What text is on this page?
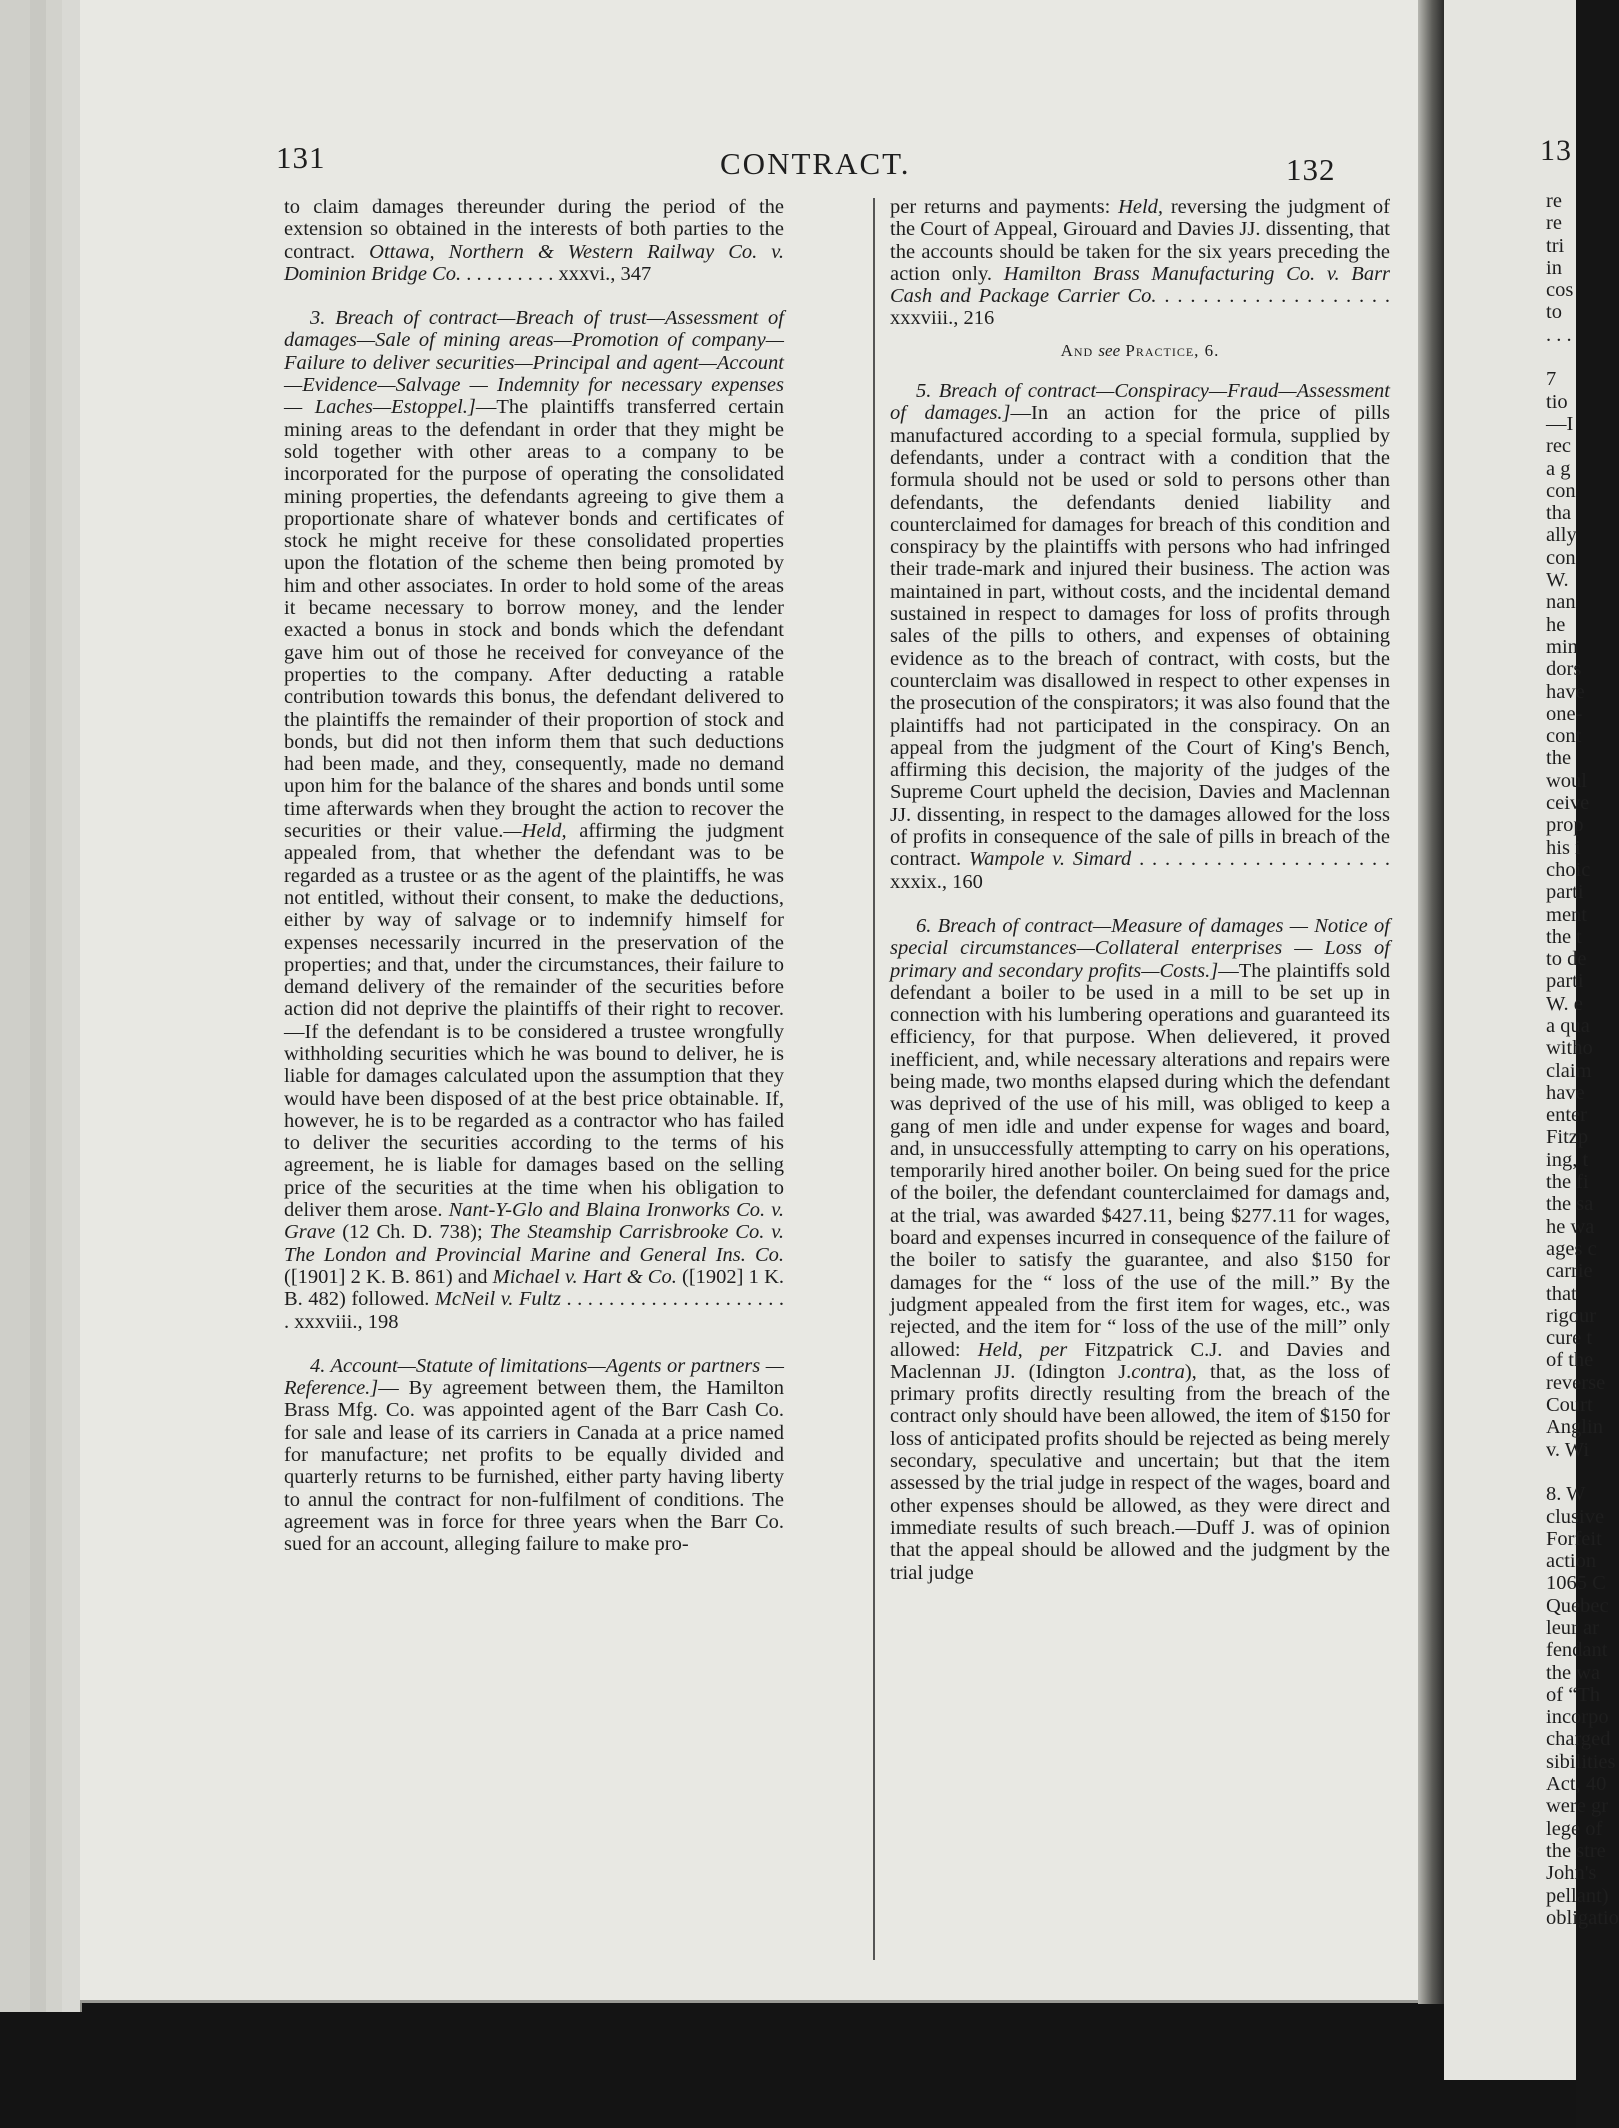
131	CONTRACT.	132

to claim damages thereunder during the period of the extension so obtained in the interests of both parties to the contract. Ottawa, Northern & Western Railway Co. v. Dominion Bridge Co. . . . . . . . . . xxxvi., 347

3. Breach of contract—Breach of trust—Assessment of damages—Sale of mining areas—Promotion of company—Failure to deliver securities—Principal and agent—Account—Evidence—Salvage — Indemnity for necessary expenses — Laches—Estoppel.]—The plaintiffs transferred certain mining areas to the defendant in order that they might be sold together with other areas to a company to be incorporated for the purpose of operating the consolidated mining properties, the defendants agreeing to give them a proportionate share of whatever bonds and certificates of stock he might receive for these consolidated properties upon the flotation of the scheme then being promoted by him and other associates. In order to hold some of the areas it became necessary to borrow money, and the lender exacted a bonus in stock and bonds which the defendant gave him out of those he received for conveyance of the properties to the company. After deducting a ratable contribution towards this bonus, the defendant delivered to the plaintiffs the remainder of their proportion of stock and bonds, but did not then inform them that such deductions had been made, and they, consequently, made no demand upon him for the balance of the shares and bonds until some time afterwards when they brought the action to recover the securities or their value.—Held, affirming the judgment appealed from, that whether the defendant was to be regarded as a trustee or as the agent of the plaintiffs, he was not entitled, without their consent, to make the deductions, either by way of salvage or to indemnify himself for expenses necessarily incurred in the preservation of the properties; and that, under the circumstances, their failure to demand delivery of the remainder of the securities before action did not deprive the plaintiffs of their right to recover.—If the defendant is to be considered a trustee wrongfully withholding securities which he was bound to deliver, he is liable for damages calculated upon the assumption that they would have been disposed of at the best price obtainable. If, however, he is to be regarded as a contractor who has failed to deliver the securities according to the terms of his agreement, he is liable for damages based on the selling price of the securities at the time when his obligation to deliver them arose. Nant-Y-Glo and Blaina Ironworks Co. v. Grave (12 Ch. D. 738); The Steamship Carrisbrooke Co. v. The London and Provincial Marine and General Ins. Co. ([1901] 2 K. B. 861) and Michael v. Hart & Co. ([1902] 1 K. B. 482) followed. McNeil v. Fultz . . . . . . . . . . . . . . . . . . . . . . xxxviii., 198

4. Account—Statute of limitations—Agents or partners — Reference.]— By agreement between them, the Hamilton Brass Mfg. Co. was appointed agent of the Barr Cash Co. for sale and lease of its carriers in Canada at a price named for manufacture; net profits to be equally divided and quarterly returns to be furnished, either party having liberty to annul the contract for non-fulfilment of conditions. The agreement was in force for three years when the Barr Co. sued for an account, alleging failure to make pro-

per returns and payments: Held, reversing the judgment of the Court of Appeal, Girouard and Davies JJ. dissenting, that the accounts should be taken for the six years preceding the action only. Hamilton Brass Manufacturing Co. v. Barr Cash and Package Carrier Co. . . . . . . . . . . . . . . . . . . xxxviii., 216

And see Practice, 6.

5. Breach of contract—Conspiracy—Fraud—Assessment of damages.]—In an action for the price of pills manufactured according to a special formula, supplied by defendants, under a contract with a condition that the formula should not be used or sold to persons other than defendants, the defendants denied liability and counterclaimed for damages for breach of this condition and conspiracy by the plaintiffs with persons who had infringed their trade-mark and injured their business. The action was maintained in part, without costs, and the incidental demand sustained in respect to damages for loss of profits through sales of the pills to others, and expenses of obtaining evidence as to the breach of contract, with costs, but the counterclaim was disallowed in respect to other expenses in the prosecution of the conspirators; it was also found that the plaintiffs had not participated in the conspiracy. On an appeal from the judgment of the Court of King's Bench, affirming this decision, the majority of the judges of the Supreme Court upheld the decision, Davies and Maclennan JJ. dissenting, in respect to the damages allowed for the loss of profits in consequence of the sale of pills in breach of the contract. Wampole v. Simard . . . . . . . . . . . . . . . . . . . . xxxix., 160

6. Breach of contract—Measure of damages — Notice of special circumstances—Collateral enterprises — Loss of primary and secondary profits—Costs.]—The plaintiffs sold defendant a boiler to be used in a mill to be set up in connection with his lumbering operations and guaranteed its efficiency, for that purpose. When delievered, it proved inefficient, and, while necessary alterations and repairs were being made, two months elapsed during which the defendant was deprived of the use of his mill, was obliged to keep a gang of men idle and under expense for wages and board, and, in unsuccessfully attempting to carry on his operations, temporarily hired another boiler. On being sued for the price of the boiler, the defendant counterclaimed for damags and, at the trial, was awarded $427.11, being $277.11 for wages, board and expenses incurred in consequence of the failure of the boiler to satisfy the guarantee, and also $150 for damages for the “ loss of the use of the mill.” By the judgment appealed from the first item for wages, etc., was rejected, and the item for “ loss of the use of the mill” only allowed: Held, per Fitzpatrick C.J. and Davies and Maclennan JJ. (Idington J.contra), that, as the loss of primary profits directly resulting from the breach of the contract only should have been allowed, the item of $150 for loss of anticipated profits should be rejected as being merely secondary, speculative and uncertain; but that the item assessed by the trial judge in respect of the wages, board and other expenses should be allowed, as they were direct and immediate results of such breach.—Duff J. was of opinion that the appeal should be allowed and the judgment by the trial judge

13
re
re
tri
in
cos
to
. . .

7
tio
—I
rec
a g
con
tha
ally
con
W.
nan
he
min
dors
have
one-
cont
the
woul
ceive
prop
his i
choic
parti
ment
the t
to de
parti
W. e
a qua
witho
claim
have
enter
Fitzp
ing, t
the fi
the sa
he wa
ages c
carrie
that
rigour
cure t
of the
reverse
Court
Anglin
v. Wi

8. W
clusive
Forfeit
action
1065 C
Quebec
leur ar
fendant
the wa
of “Th
incorpo
charged
sibilities
Act, 40
were gr
lege of
the stre
John's
pellant)
obligatio
